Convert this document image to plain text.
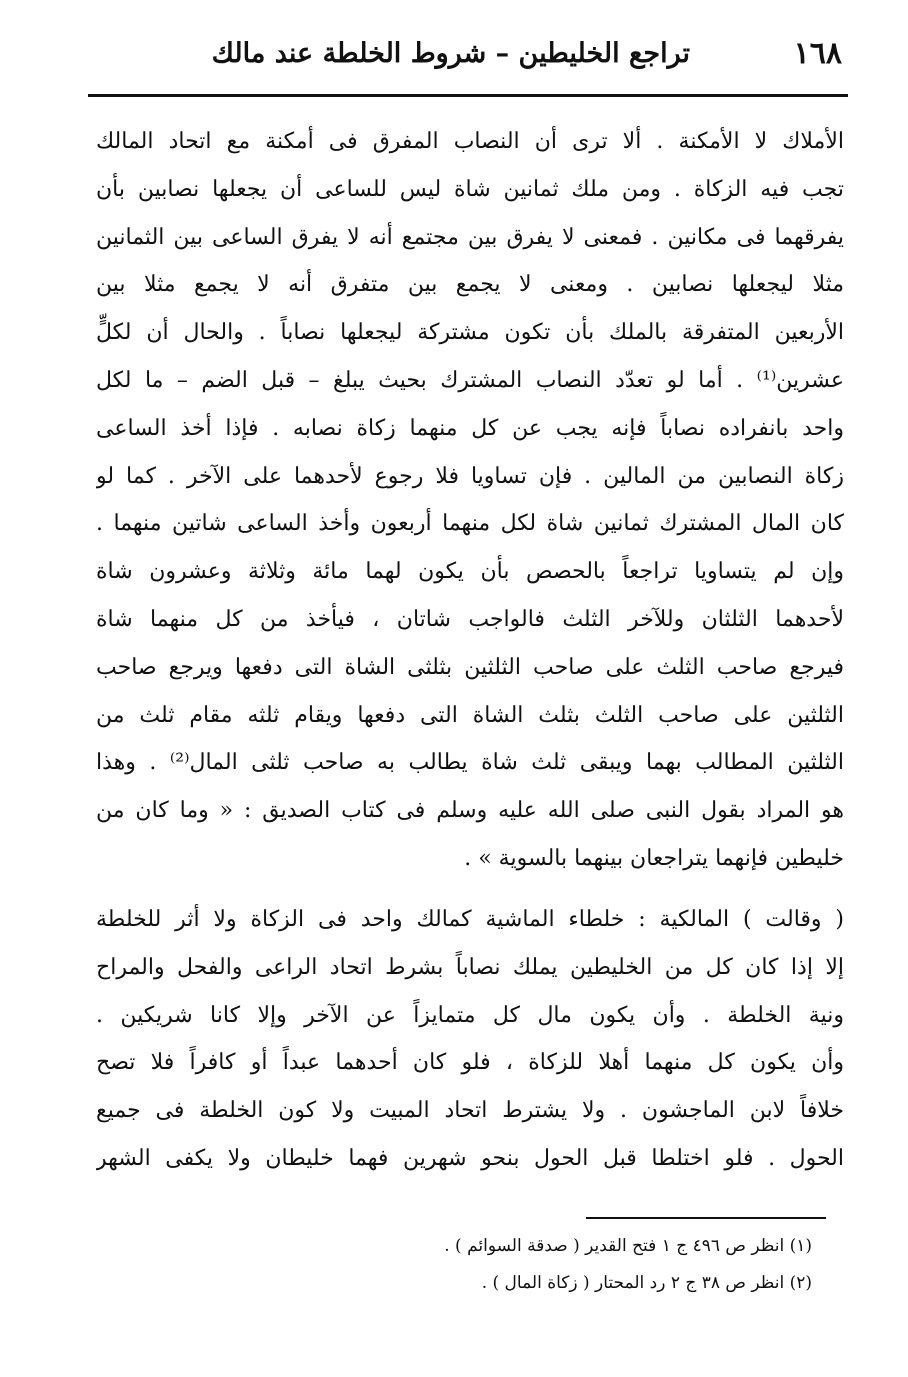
١٦٨
تراجع الخليطين – شروط الخلطة عند مالك
الأملاك لا الأمكنة . ألا ترى أن النصاب المفرق فى أمكنة مع اتحاد المالك
تجب فيه الزكاة . ومن ملك ثمانين شاة ليس للساعى أن يجعلها نصابين بأن
يفرقهما فى مكانين . فمعنى لا يفرق بين مجتمع أنه لا يفرق الساعى بين الثمانين
مثلا ليجعلها نصابين . ومعنى لا يجمع بين متفرق أنه لا يجمع مثلا بين
الأربعين المتفرقة بالملك بأن تكون مشتركة ليجعلها نصاباً . والحال أن لكلٍّ
عشرين⁽¹⁾ . أما لو تعدّد النصاب المشترك بحيث يبلغ – قبل الضم – ما لكل
واحد بانفراده نصاباً فإنه يجب عن كل منهما زكاة نصابه . فإذا أخذ الساعى
زكاة النصابين من المالين . فإن تساويا فلا رجوع لأحدهما على الآخر . كما لو
كان المال المشترك ثمانين شاة لكل منهما أربعون وأخذ الساعى شاتين منهما .
وإن لم يتساويا تراجعاً بالحصص بأن يكون لهما مائة وثلاثة وعشرون شاة
لأحدهما الثلثان وللآخر الثلث فالواجب شاتان ، فيأخذ من كل منهما شاة
فيرجع صاحب الثلث على صاحب الثلثين بثلثى الشاة التى دفعها ويرجع صاحب
الثلثين على صاحب الثلث بثلث الشاة التى دفعها ويقام ثلثه مقام ثلث من
الثلثين المطالب بهما ويبقى ثلث شاة يطالب به صاحب ثلثى المال⁽²⁾ . وهذا
هو المراد بقول النبى صلى الله عليه وسلم فى كتاب الصديق : « وما كان من
خليطين فإنهما يتراجعان بينهما بالسوية » .
( وقالت ) المالكية : خلطاء الماشية كمالك واحد فى الزكاة ولا أثر للخلطة
إلا إذا كان كل من الخليطين يملك نصاباً بشرط اتحاد الراعى والفحل والمراح
ونية الخلطة . وأن يكون مال كل متمايزاً عن الآخر وإلا كانا شريكين .
وأن يكون كل منهما أهلا للزكاة ، فلو كان أحدهما عبداً أو كافراً فلا تصح
خلافاً لابن الماجشون . ولا يشترط اتحاد المبيت ولا كون الخلطة فى جميع
الحول . فلو اختلطا قبل الحول بنحو شهرين فهما خليطان ولا يكفى الشهر
(١) انظر ص ٤٩٦ ج ١ فتح القدير ( صدقة السوائم ) .
(٢) انظر ص ٣٨ ج ٢ رد المحتار ( زكاة المال ) .
